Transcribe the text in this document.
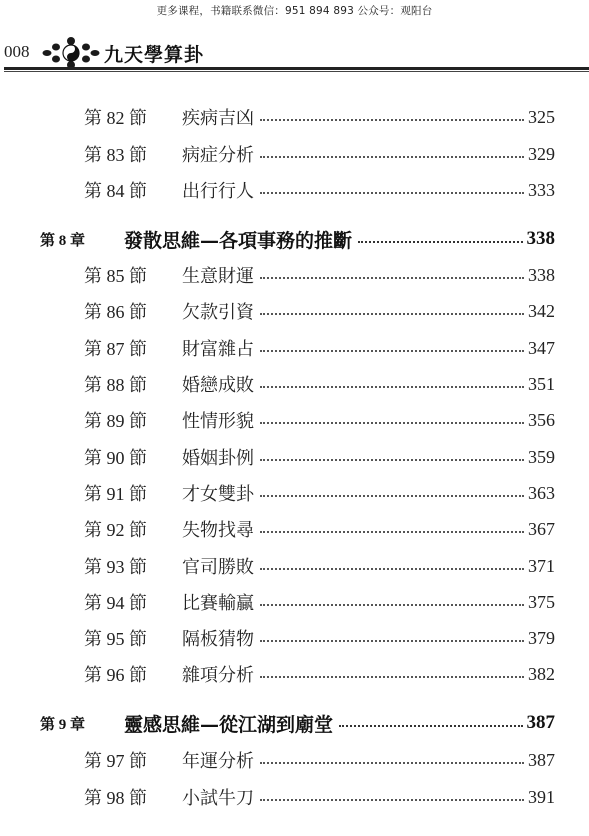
更多课程，书籍联系微信：951 894 893 公众号：观阳台
008	九天學算卦
第 82 節 疾病吉凶	325
第 83 節 病症分析	329
第 84 節 出行行人	333
第 8 章 發散思維—各項事務的推斷	338
第 85 節 生意財運	338
第 86 節 欠款引資	342
第 87 節 財富雜占	347
第 88 節 婚戀成敗	351
第 89 節 性情形貌	356
第 90 節 婚姻卦例	359
第 91 節 才女雙卦	363
第 92 節 失物找尋	367
第 93 節 官司勝敗	371
第 94 節 比賽輸贏	375
第 95 節 隔板猜物	379
第 96 節 雜項分析	382
第 9 章 靈感思維—從江湖到廟堂	387
第 97 節 年運分析	387
第 98 節 小試牛刀	391
